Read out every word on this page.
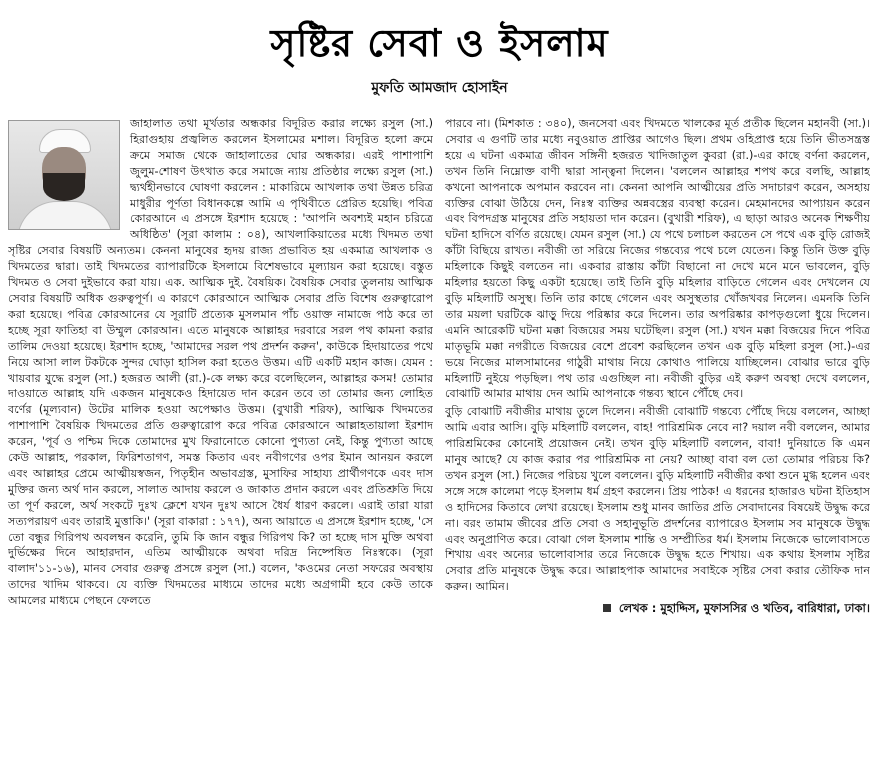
সৃষ্টির সেবা ও ইসলাম
মুফতি আমজাদ হোসাইন

জাহালাত তথা মূর্খতার অন্ধকার বিদূরিত করার লক্ষ্যে রসুল (সা.) হিরাগুহায় প্রজ্বলিত করলেন ইসলামের মশাল। বিদূরিত হলো ক্রমে ক্রমে সমাজ থেকে জাহালাতের ঘোর অন্ধকার। এরই পাশাপাশি জুলুম-শোষণ উৎখাত করে সমাজে ন্যায় প্রতিষ্ঠার লক্ষ্যে রসুল (সা.) দ্ব্যর্থহীনভাবে ঘোষণা করলেন : মাকারিমে আখলাক তথা উন্নত চরিত্র মাধুরীর পূর্ণতা বিধানকল্পে আমি এ পৃথিবীতে প্রেরিত হয়েছি। পবিত্র কোরআনে এ প্রসঙ্গে ইরশাদ হয়েছে : 'আপনি অবশ্যই মহান চরিত্রে অধিষ্ঠিত' (সূরা কালাম : ০৪), আখলাকিয়াতের মধ্যে খিদমত তথা সৃষ্টির সেবার বিষয়টি অন্যতম। কেননা মানুষের হৃদয় রাজ্য প্রভাবিত হয় একমাত্র আখলাক ও খিদমতের দ্বারা। তাই খিদমতের ব্যাপারটিকে ইসলামে বিশেষভাবে মূল্যায়ন করা হয়েছে। বস্তুত খিদমত ও সেবা দুইভাবে করা যায়। এক. আত্মিক দুই. বৈষয়িক। বৈষয়িক সেবার তুলনায় আত্মিক সেবার বিষয়টি অধিক গুরুত্বপূর্ণ। এ কারণে কোরআনে আত্মিক সেবার প্রতি বিশেষ গুরুত্বারোপ করা হয়েছে। পবিত্র কোরআনের যে সূরাটি প্রত্যেক মুসলমান পাঁচ ওয়াক্ত নামাজে পাঠ করে তা হচ্ছে সূরা ফাতিহা বা উম্মুল কোরআন। এতে মানুষকে আল্লাহর দরবারে সরল পথ কামনা করার তালিম দেওয়া হয়েছে। ইরশাদ হচ্ছে, 'আমাদের সরল পথ প্রদর্শন করুন', কাউকে হিদায়াতের পথে নিয়ে আসা লাল টকটকে সুন্দর ঘোড়া হাসিল করা হতেও উত্তম। এটি একটি মহান কাজ। যেমন : খায়বার যুদ্ধে রসুল (সা.) হজরত আলী (রা.)-কে লক্ষ্য করে বলেছিলেন, আল্লাহর কসম! তোমার দাওয়াতে আল্লাহ যদি একজন মানুষকেও হিদায়েত দান করেন তবে তা তোমার জন্য লোহিত বর্ণের (মূল্যবান) উটের মালিক হওয়া অপেক্ষাও উত্তম। (বুখারী শরিফ), আত্মিক খিদমতের পাশাপাশি বৈষয়িক খিদমতের প্রতি গুরুত্বারোপ করে পবিত্র কোরআনে আল্লাহতায়ালা ইরশাদ করেন, 'পূর্ব ও পশ্চিম দিকে তোমাদের মুখ ফিরানোতে কোনো পুণ্যতা নেই, কিন্তু পুণ্যতা আছে কেউ আল্লাহ, পরকাল, ফিরিশতাগণ, সমস্ত কিতাব এবং নবীগণের ওপর ইমান আনয়ন করলে এবং আল্লাহর প্রেমে আত্মীয়স্বজন, পিতৃহীন অভাবগ্রস্ত, মুসাফির সাহায্য প্রার্থীগণকে এবং দাস মুক্তির জন্য অর্থ দান করলে, সালাত আদায় করলে ও জাকাত প্রদান করলে এবং প্রতিশ্রুতি দিয়ে তা পূর্ণ করলে, অর্থ সংকটে দুঃখ ক্লেশে যখন দুঃখ আসে ধৈর্য ধারণ করলে। এরাই তারা যারা সত্যপরায়ণ এবং তারাই মুত্তাকি।' (সূরা বাকারা : ১৭৭), অন্য আয়াতে এ প্রসঙ্গে ইরশাদ হচ্ছে, 'সে তো বন্ধুর গিরিপথ অবলম্বন করেনি, তুমি কি জান বন্ধুর গিরিপথ কি? তা হচ্ছে দাস মুক্তি অথবা দুর্ভিক্ষের দিনে আহারদান, এতিম আত্মীয়কে অথবা দরিদ্র নিষ্পেষিত নিঃস্বকে। (সূরা বালাদ'১১-১৬), মানব সেবার গুরুত্ব প্রসঙ্গে রসুল (সা.) বলেন, 'কওমের নেতা সফরের অবস্থায় তাদের খাদিম থাকবে। যে ব্যক্তি খিদমতের মাধ্যমে তাদের মধ্যে অগ্রগামী হবে কেউ তাকে আমলের মাধ্যমে পেছনে ফেলতে

পারবে না। (মিশকাত : ৩৪০), জনসেবা এবং খিদমতে খালকের মূর্ত প্রতীক ছিলেন মহানবী (সা.)। সেবার এ গুণটি তার মধ্যে নবুওয়াত প্রাপ্তির আগেও ছিল। প্রথম ওহিপ্রাপ্ত হয়ে তিনি ভীতসন্ত্রস্ত হয়ে এ ঘটনা একমাত্র জীবন সঙ্গিনী হজরত খাদিজাতুল কুবরা (রা.)-এর কাছে বর্ণনা করলেন, তখন তিনি নিম্নোক্ত বাণী দ্বারা সান্ত্বনা দিলেন। 'বললেন আল্লাহর শপথ করে বলছি, আল্লাহ কখনো আপনাকে অপমান করবেন না। কেননা আপনি আত্মীয়ের প্রতি সদাচারণ করেন, অসহায় ব্যক্তির বোঝা উঠিয়ে দেন, নিঃস্ব ব্যক্তির অন্নবস্ত্রের ব্যবস্থা করেন। মেহমানদের আপ্যায়ন করেন এবং বিপদগ্রস্ত মানুষের প্রতি সহায়তা দান করেন। (বুখারী শরিফ), এ ছাড়া আরও অনেক শিক্ষণীয় ঘটনা হাদিসে বর্ণিত রয়েছে। যেমন রসুল (সা.) যে পথে চলাচল করতেন সে পথে এক বুড়ি রোজই কাঁটা বিছিয়ে রাখত। নবীজী তা সরিয়ে নিজের গন্তব্যের পথে চলে যেতেন। কিন্তু তিনি উক্ত বুড়ি মহিলাকে কিছুই বলতেন না। একবার রাস্তায় কাঁটা বিছানো না দেখে মনে মনে ভাবলেন, বুড়ি মহিলার হয়তো কিছু একটা হয়েছে। তাই তিনি বুড়ি মহিলার বাড়িতে গেলেন এবং দেখলেন যে বুড়ি মহিলাটি অসুস্থ। তিনি তার কাছে গেলেন এবং অসুস্থতার খোঁজখবর নিলেন। এমনকি তিনি তার ময়লা ঘরটিকে ঝাড়ু দিয়ে পরিষ্কার করে দিলেন। তার অপরিষ্কার কাপড়গুলো ধুয়ে দিলেন। এমনি আরেকটি ঘটনা মক্কা বিজয়ের সময় ঘটেছিল। রসুল (সা.) যখন মক্কা বিজয়ের দিনে পবিত্র মাতৃভূমি মক্কা নগরীতে বিজয়ের বেশে প্রবেশ করছিলেন তখন এক বুড়ি মহিলা রসুল (সা.)-এর ভয়ে নিজের মালসামানের গাঠুরী মাথায় নিয়ে কোথাও পালিয়ে যাচ্ছিলেন। বোঝার ভারে বুড়ি মহিলাটি নুইয়ে পড়ছিল। পথ তার এগুচ্ছিল না। নবীজী বুড়ির এই করুণ অবস্থা দেখে বললেন, বোঝাটি আমার মাথায় দেন আমি আপনাকে গন্তব্য স্থানে পৌঁছে দেব।

বুড়ি বোঝাটি নবীজীর মাথায় তুলে দিলেন। নবীজী বোঝাটি গন্তব্যে পৌঁছে দিয়ে বললেন, আচ্ছা আমি এবার আসি। বুড়ি মহিলাটি বললেন, বাহ! পারিশ্রমিক নেবে না? দয়াল নবী বললেন, আমার পারিশ্রমিকের কোনোই প্রয়োজন নেই। তখন বুড়ি মহিলাটি বললেন, বাবা! দুনিয়াতে কি এমন মানুষ আছে? যে কাজ করার পর পারিশ্রমিক না নেয়? আচ্ছা বাবা বল তো তোমার পরিচয় কি? তখন রসুল (সা.) নিজের পরিচয় খুলে বললেন। বুড়ি মহিলাটি নবীজীর কথা শুনে মুগ্ধ হলেন এবং সঙ্গে সঙ্গে কালেমা পড়ে ইসলাম ধর্ম গ্রহণ করলেন। প্রিয় পাঠক! এ ধরনের হাজারও ঘটনা ইতিহাস ও হাদিসের কিতাবে লেখা রয়েছে। ইসলাম শুধু মানব জাতির প্রতি সেবাদানের বিষয়েই উদ্বুদ্ধ করে না। বরং তামাম জীবের প্রতি সেবা ও সহানুভূতি প্রদর্শনের ব্যাপারেও ইসলাম সব মানুষকে উদ্বুদ্ধ এবং অনুপ্রাণিত করে। বোঝা গেল ইসলাম শান্তি ও সম্প্রীতির ধর্ম। ইসলাম নিজেকে ভালোবাসতে শিখায় এবং অন্যের ভালোবাসার তরে নিজেকে উদ্বুদ্ধ হতে শিখায়। এক কথায় ইসলাম সৃষ্টির সেবার প্রতি মানুষকে উদ্বুদ্ধ করে। আল্লাহপাক আমাদের সবাইকে সৃষ্টির সেবা করার তৌফিক দান করুন। আমিন।

লেখক : মুহাদ্দিস, মুফাসসির ও খতিব, বারিধারা, ঢাকা।
